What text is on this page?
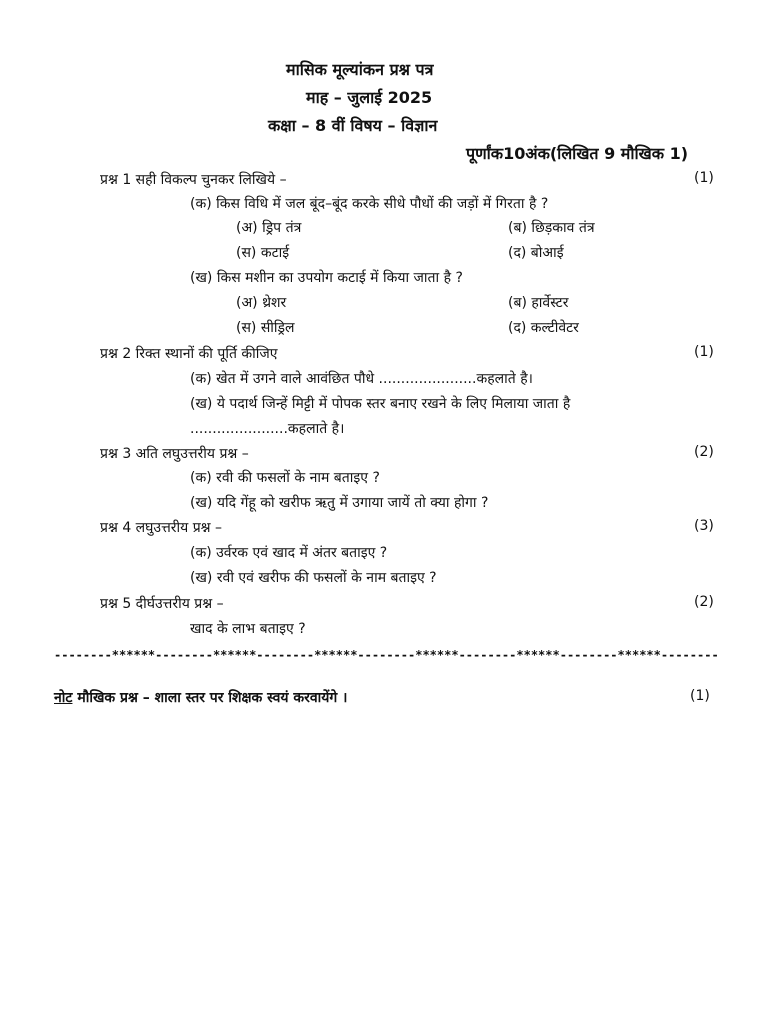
मासिक मूल्यांकन प्रश्न पत्र
माह – जुलाई 2025
कक्षा – 8 वीं विषय – विज्ञान
पूर्णांक10अंक(लिखित 9 मौखिक 1)
प्रश्न 1 सही विकल्प चुनकर लिखिये –	(1)
(क) किस विधि में जल बूंद–बूंद करके सीधे पौधों की जड़ों में गिरता है ?
(अ) ड्रिप तंत्र	(ब) छिड़काव तंत्र
(स) कटाई	(द) बोआई
(ख) किस मशीन का उपयोग कटाई में किया जाता है ?
(अ) थ्रेशर	(ब) हार्वेस्टर
(स) सीड्रिल	(द) कल्टीवेटर
प्रश्न 2 रिक्त स्थानों की पूर्ति कीजिए	(1)
(क) खेत में उगने वाले आवंछित पौधे ......................कहलाते है।
(ख) ये पदार्थ जिन्हें मिट्टी में पोपक स्तर बनाए रखने के लिए मिलाया जाता है
......................कहलाते है।
प्रश्न 3 अति लघुउत्तरीय प्रश्न –	(2)
(क) रवी की फसलों के नाम बताइए ?
(ख) यदि गेंहू को खरीफ ऋतु में उगाया जायें तो क्या होगा ?
प्रश्न 4 लघुउत्तरीय प्रश्न –	(3)
(क) उर्वरक एवं खाद में अंतर बताइए ?
(ख) रवी एवं खरीफ की फसलों के नाम बताइए ?
प्रश्न 5 दीर्घउत्तरीय प्रश्न –	(2)
खाद के लाभ बताइए ?
--------******--------******--------******--------******--------******--------******--------
नोट मौखिक प्रश्न – शाला स्तर पर शिक्षक स्वयं करवायेंगे ।	(1)
